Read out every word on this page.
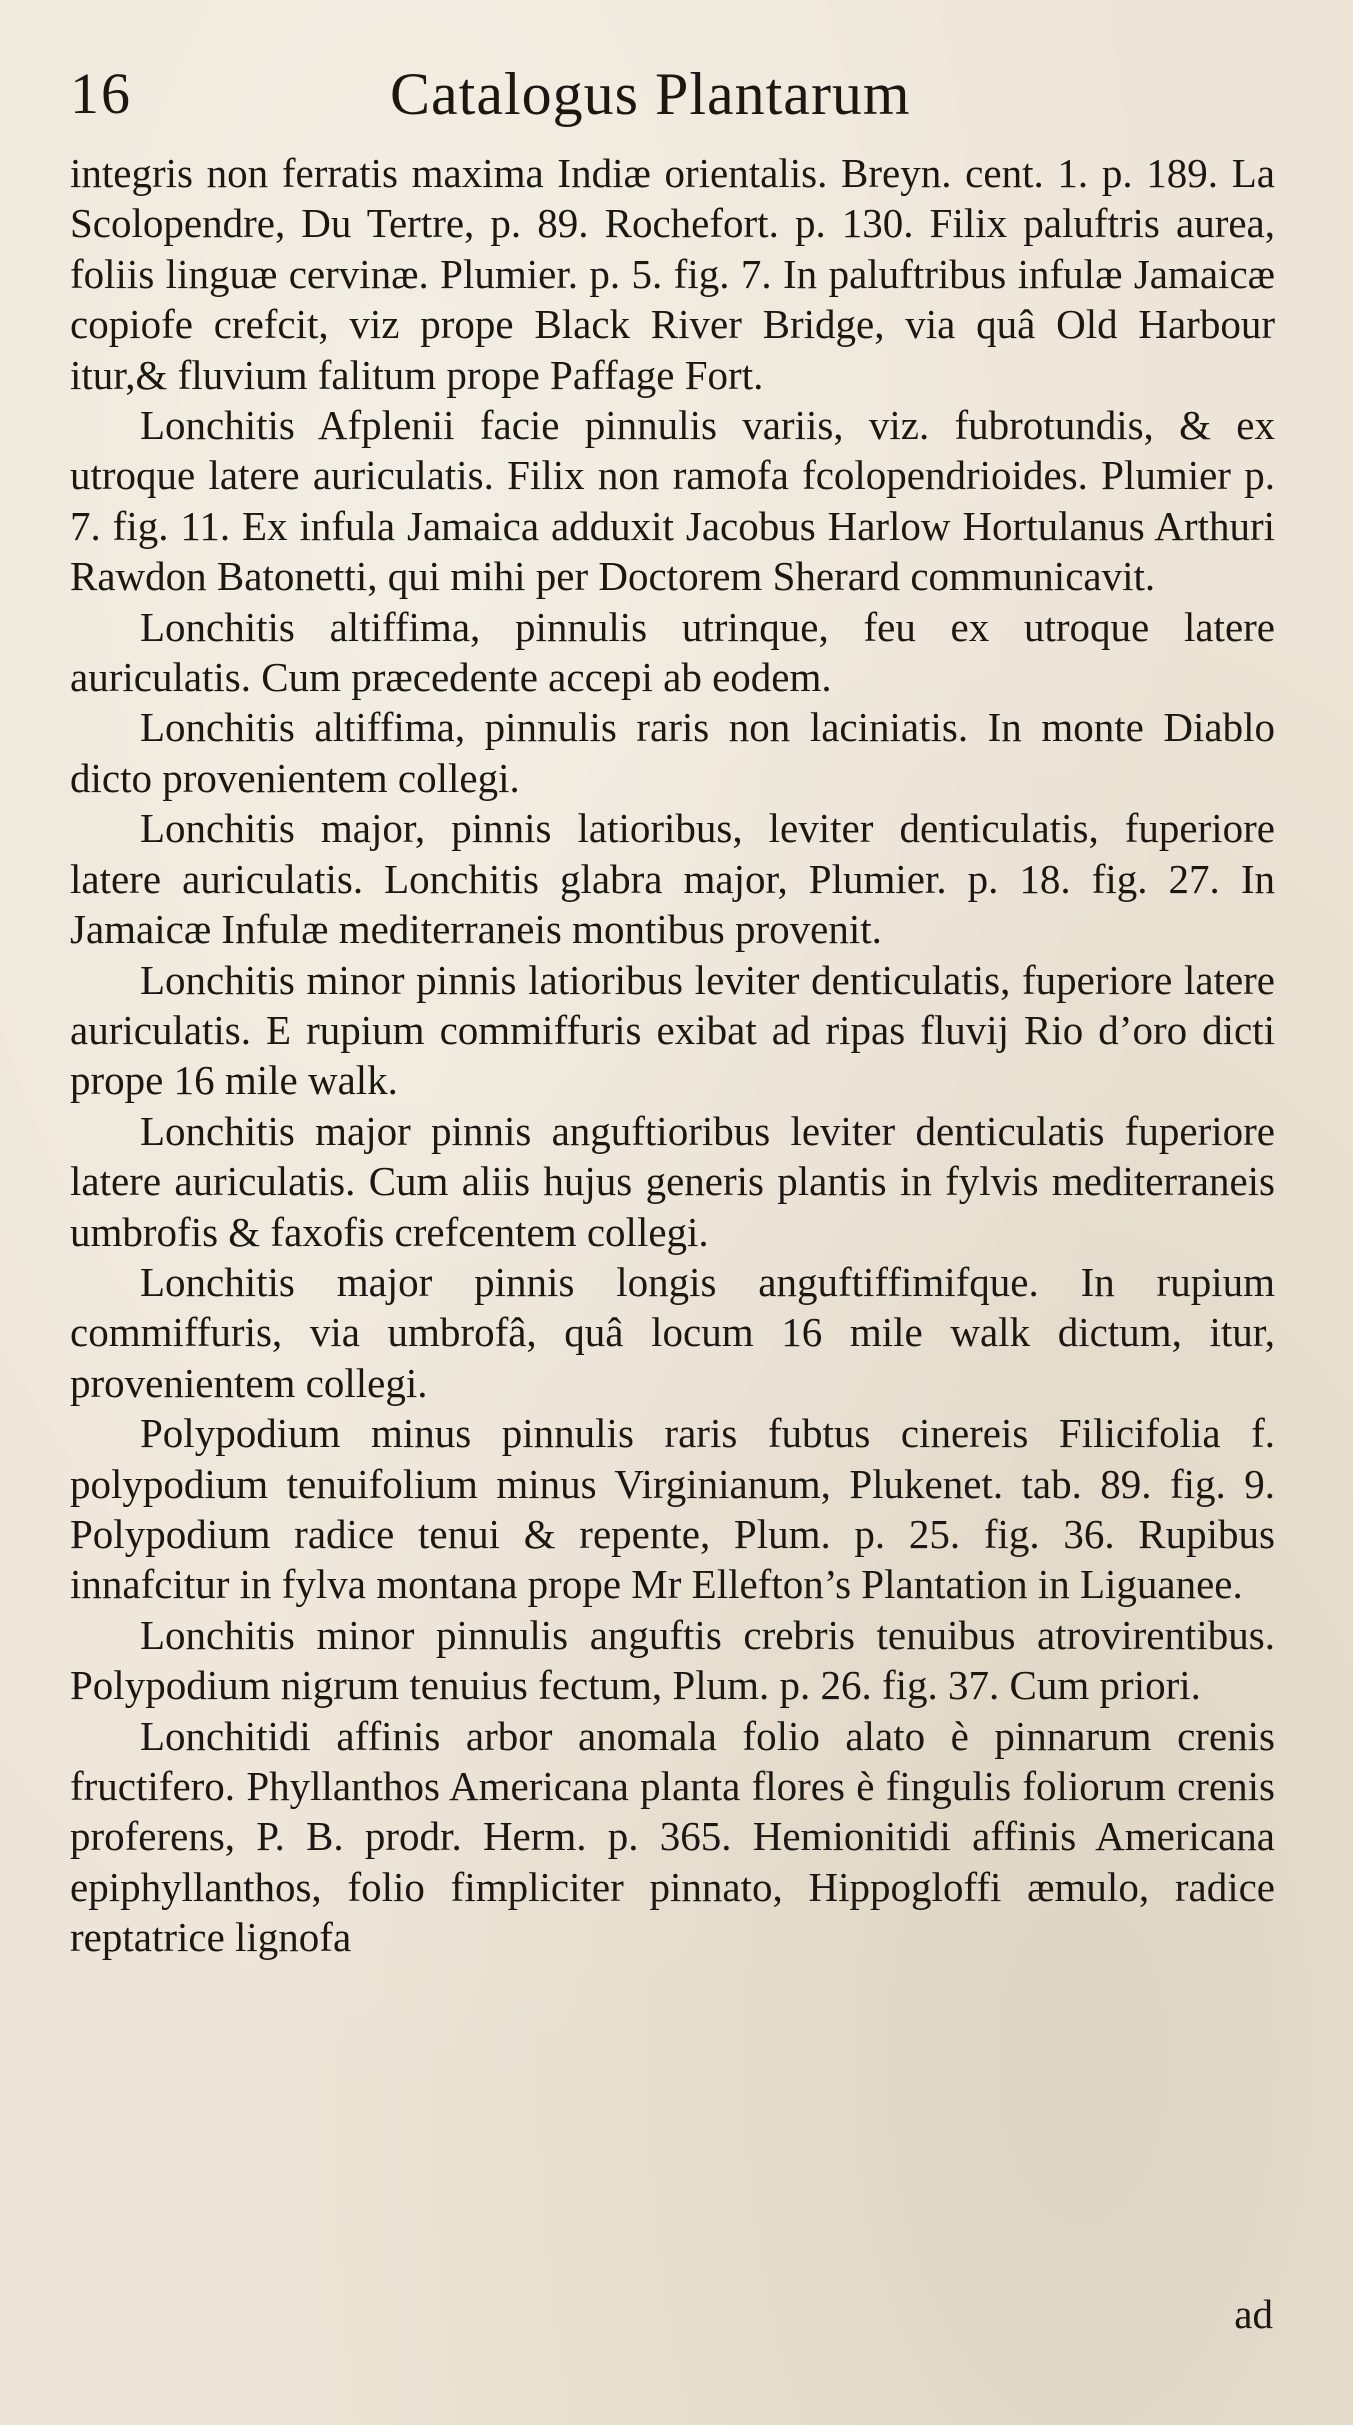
16	Catalogus Plantarum

integris non ferratis maxima Indiæ orientalis. Breyn. cent. 1. p. 189. La Scolopendre, Du Tertre, p. 89. Rochefort. p. 130. Filix paluftris aurea, foliis linguæ cervinæ. Plumier. p. 5. fig. 7. In paluftribus infulæ Jamaicæ copiofe crefcit, viz prope Black River Bridge, via quâ Old Harbour itur,& fluvium falitum prope Paffage Fort.

Lonchitis Afplenii facie pinnulis variis, viz. fubrotundis, & ex utroque latere auriculatis. Filix non ramofa fcolopendrioides. Plumier p. 7. fig. 11. Ex infula Jamaica adduxit Jacobus Harlow Hortulanus Arthuri Rawdon Batonetti, qui mihi per Doctorem Sherard communicavit.

Lonchitis altiffima, pinnulis utrinque, feu ex utroque latere auriculatis. Cum præcedente accepi ab eodem.

Lonchitis altiffima, pinnulis raris non laciniatis. In monte Diablo dicto provenientem collegi.

Lonchitis major, pinnis latioribus, leviter denticulatis, fuperiore latere auriculatis. Lonchitis glabra major, Plumier. p. 18. fig. 27. In Jamaicæ Infulæ mediterraneis montibus provenit.

Lonchitis minor pinnis latioribus leviter denticulatis, fuperiore latere auriculatis. E rupium commiffuris exibat ad ripas fluvij Rio d’oro dicti prope 16 mile walk.

Lonchitis major pinnis anguftioribus leviter denticulatis fuperiore latere auriculatis. Cum aliis hujus generis plantis in fylvis mediterraneis umbrofis & faxofis crefcentem collegi.

Lonchitis major pinnis longis anguftiffimifque. In rupium commiffuris, via umbrofâ, quâ locum 16 mile walk dictum, itur, provenientem collegi.

Polypodium minus pinnulis raris fubtus cinereis Filicifolia f. polypodium tenuifolium minus Virginianum, Plukenet. tab. 89. fig. 9. Polypodium radice tenui & repente, Plum. p. 25. fig. 36. Rupibus innafcitur in fylva montana prope Mr Ellefton’s Plantation in Liguanee.

Lonchitis minor pinnulis anguftis crebris tenuibus atrovirentibus. Polypodium nigrum tenuius fectum, Plum. p. 26. fig. 37. Cum priori.

Lonchitidi affinis arbor anomala folio alato è pinnarum crenis fructifero. Phyllanthos Americana planta flores è fingulis foliorum crenis proferens, P. B. prodr. Herm. p. 365. Hemionitidi affinis Americana epiphyllanthos, folio fimpliciter pinnato, Hippogloffi æmulo, radice reptatrice lignofa

ad
